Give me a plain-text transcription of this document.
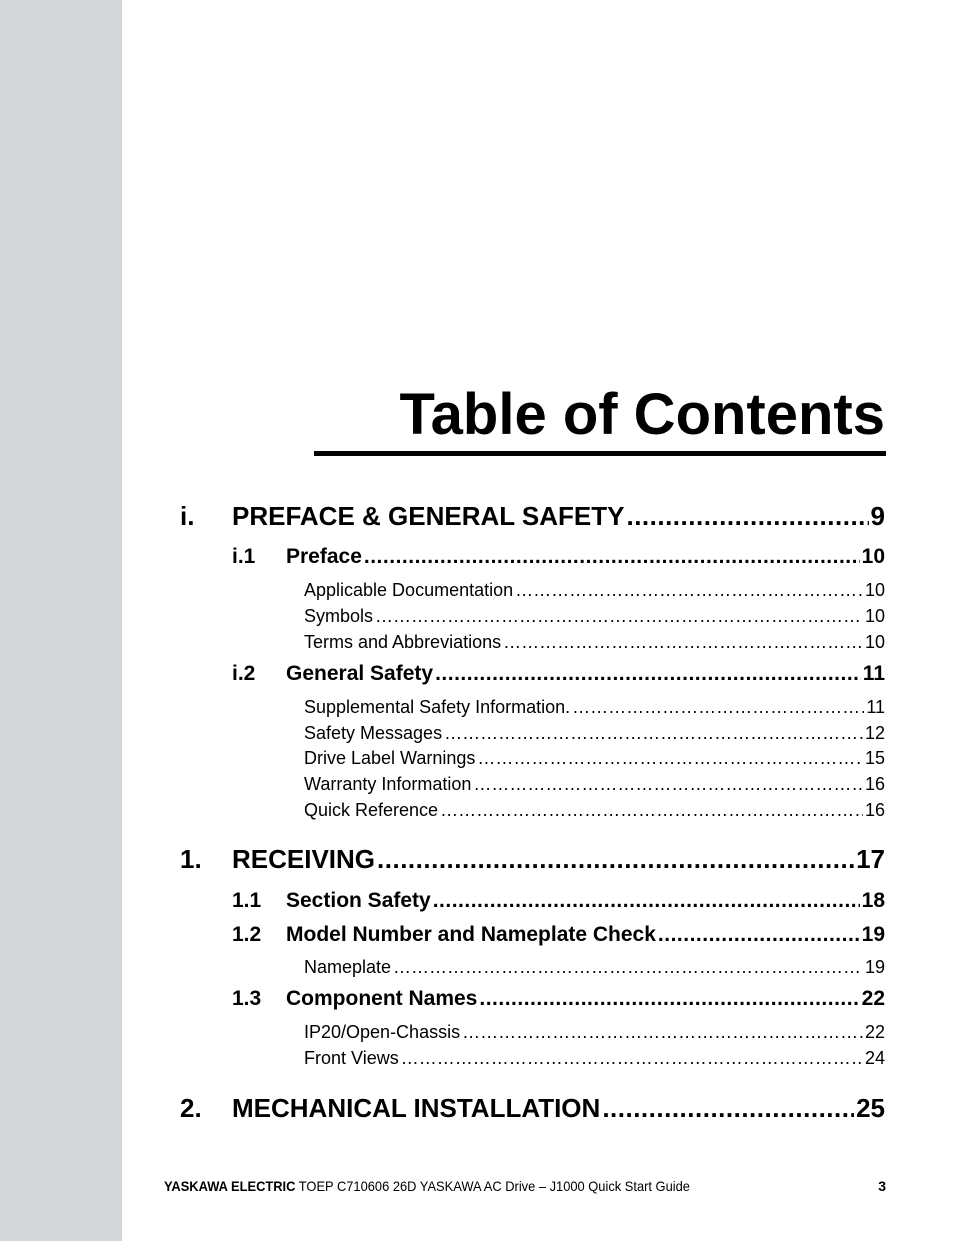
Table of Contents
i.	PREFACE & GENERAL SAFETY .....	9
i.1	Preface .....	10
Applicable Documentation ……………………………………………………………………………………………………………………………………………………………………………………………………………………	10
Symbols ……………………………………………………………………………………………………………………………………………………………………………………………………………………	10
Terms and Abbreviations ……………………………………………………………………………………………………………………………………………………………………………………………………………………	10
i.2	General Safety .....	11
Supplemental Safety Information. ……………………………………………………………………………………………………………………………………………………………………………………………………………………	11
Safety Messages ……………………………………………………………………………………………………………………………………………………………………………………………………………………	12
Drive Label Warnings ……………………………………………………………………………………………………………………………………………………………………………………………………………………	15
Warranty Information ……………………………………………………………………………………………………………………………………………………………………………………………………………………	16
Quick Reference ……………………………………………………………………………………………………………………………………………………………………………………………………………………	16
1.	RECEIVING .....	17
1.1	Section Safety .....	18
1.2	Model Number and Nameplate Check .....	19
Nameplate ……………………………………………………………………………………………………………………………………………………………………………………………………………………	19
1.3	Component Names .....	22
IP20/Open-Chassis ……………………………………………………………………………………………………………………………………………………………………………………………………………………	22
Front Views ……………………………………………………………………………………………………………………………………………………………………………………………………………………	24
2.	MECHANICAL INSTALLATION .....	25
YASKAWA ELECTRIC TOEP C710606 26D YASKAWA AC Drive – J1000 Quick Start Guide	3
